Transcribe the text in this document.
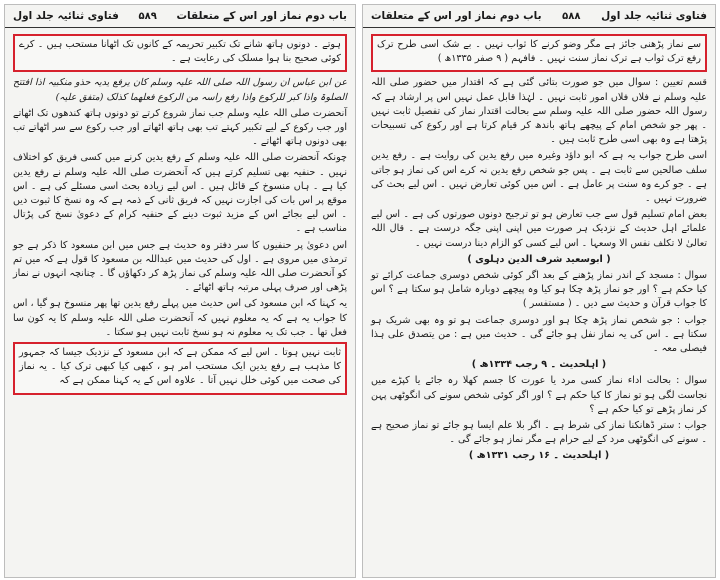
باب دوم نماز اور اس کے متعلقات
۵۸۹
فتاوی ثنائیہ جلد اول

ہوتے ۔ دونوں ہاتھ شانے تک تکبیر تحریمہ کے کانوں تک اٹھانا مستحب ہیں ۔ کرے کوئی صحیح بنا ہوا مسلک کی رعایت ہے ۔

عن ابن عباس ان رسول اللہ صلی اللہ علیہ وسلم کان یرفع یدیہ حذو منکبیہ اذا افتتح الصلوۃ واذا کبر للرکوع واذا رفع راسہ من الرکوع فعلھما کذلک (متفق علیہ)

آنحضرت صلی اللہ علیہ وسلم جب نماز شروع کرتے تو دونوں ہاتھ کندھوں تک اٹھاتے اور جب رکوع کے لیے تکبیر کہتے تب بھی ہاتھ اٹھاتے اور جب رکوع سے سر اٹھاتے تب بھی دونوں ہاتھ اٹھاتے ۔

چونکہ آنحضرت صلی اللہ علیہ وسلم کے رفع یدین کرنے میں کسی فریق کو اختلاف نہیں ۔ حنفیہ بھی تسلیم کرتے ہیں کہ آنحضرت صلی اللہ علیہ وسلم نے رفع یدین کیا ہے ۔ ہاں منسوخ کے قائل ہیں ۔ اس لیے زیادہ بحث اسی مسئلے کی ہے ۔ اس موقع پر اس بات کی اجازت نہیں کہ فریق ثانی کے ذمہ ہے کہ وہ نسخ کا ثبوت دیں ۔ اس لیے بجائے اس کے مزید ثبوت دینے کے حنفیہ کرام کے دعویٰ نسخ کی پڑتال مناسب ہے ۔

اس دعویٰ پر حنفیوں کا سر دفتر وہ حدیث ہے جس میں ابن مسعود کا ذکر ہے جو ترمذی میں مروی ہے ۔ اول کی حدیث میں عبداللہ بن مسعود کا قول ہے کہ میں تم کو آنحضرت صلی اللہ علیہ وسلم کی نماز پڑھ کر دکھاؤں گا ۔ چنانچہ انہوں نے نماز پڑھی اور صرف پہلی مرتبہ ہاتھ اٹھائے ۔

یہ کہنا کہ ابن مسعود کی اس حدیث میں پہلے رفع یدین تھا پھر منسوخ ہو گیا ، اس کا جواب یہ ہے کہ یہ معلوم نہیں کہ آنحضرت صلی اللہ علیہ وسلم کا یہ کون سا فعل تھا ۔ جب تک یہ معلوم نہ ہو نسخ ثابت نہیں ہو سکتا ۔

ثابت نہیں ہوتا ۔ اس لیے کہ ممکن ہے کہ ابن مسعود کے نزدیک جیسا کہ جمہور کا مذہب ہے رفع یدین ایک مستحب امر ہو ، کبھی کیا کبھی ترک کیا ۔ یہ نماز کی صحت میں کوئی خلل نہیں آتا ۔ علاوہ اس کے یہ کہنا ممکن ہے کہ

فتاوی ثنائیہ جلد اول
۵۸۸
باب دوم نماز اور اس کے متعلقات

سے نماز پڑھنی جائز ہے مگر وضو کرنے کا ثواب نہیں ۔ بے شک اسی طرح ترک رفع ترک ثواب ہے ترک نماز سنت نہیں ۔ فافہم ( ۹ صفر ۱۳۳۵ھ )

قسم تعیین : سوال میں جو صورت بتائی گئی ہے کہ اقتدار میں حضور صلی اللہ علیہ وسلم نے فلاں فلاں امور ثابت نہیں ۔ لہٰذا قابل عمل نہیں اس پر ارشاد ہے کہ رسول اللہ حضور صلی اللہ علیہ وسلم سے بحالت اقتدار نماز کی تفصیل ثابت نہیں ۔ پھر جو شخص امام کے پیچھے ہاتھ باندھ کر قیام کرتا ہے اور رکوع کی تسبیحات پڑھتا ہے وہ بھی اسی طرح ثابت ہیں ۔

اسی طرح جواب یہ ہے کہ ابو داؤد وغیرہ میں رفع یدین کی روایت ہے ۔ رفع یدین سلف صالحین سے ثابت ہے ۔ پس جو شخص رفع یدین نہ کرے اس کی نماز ہو جاتی ہے ۔ جو کرے وہ سنت پر عامل ہے ۔ اس میں کوئی تعارض نہیں ۔ اس لیے بحث کی ضرورت نہیں ۔

بعض امام تسلیم قول سے جب تعارض ہو تو ترجیح دونوں صورتوں کی ہے ۔ اس لیے علمائے اہل حدیث کے نزدیک ہر صورت میں اپنی اپنی جگہ درست ہے ۔ قال اللہ تعالیٰ لا تکلف نفس الا وسعہا ۔ اس لیے کسی کو الزام دینا درست نہیں ۔

( ابوسعید شرف الدین دہلوی )

سوال : مسجد کے اندر نماز پڑھنے کے بعد اگر کوئی شخص دوسری جماعت کرائے تو کیا حکم ہے ؟ اور جو نماز پڑھ چکا ہو کیا وہ پیچھے دوبارہ شامل ہو سکتا ہے ؟ اس کا جواب قرآن و حدیث سے دیں ۔ ( مستفسر )

جواب : جو شخص نماز پڑھ چکا ہو اور دوسری جماعت ہو تو وہ بھی شریک ہو سکتا ہے ۔ اس کی یہ نماز نفل ہو جائے گی ۔ حدیث میں ہے : من یتصدق علی ہذا فیصلی معہ ۔

( اہلحدیث ۔ ۹ رجب ۱۳۳۴ھ )

سوال : بحالت اداء نماز کسی مرد یا عورت کا جسم کھلا رہ جائے یا کپڑے میں نجاست لگی ہو تو نماز کا کیا حکم ہے ؟ اور اگر کوئی شخص سونے کی انگوٹھی پہن کر نماز پڑھے تو کیا حکم ہے ؟

جواب : ستر ڈھانکنا نماز کی شرط ہے ۔ اگر بلا علم ایسا ہو جائے تو نماز صحیح ہے ۔ سونے کی انگوٹھی مرد کے لیے حرام ہے مگر نماز ہو جائے گی ۔

( اہلحدیث ۔ ۱۶ رجب ۱۳۳۱ھ )
